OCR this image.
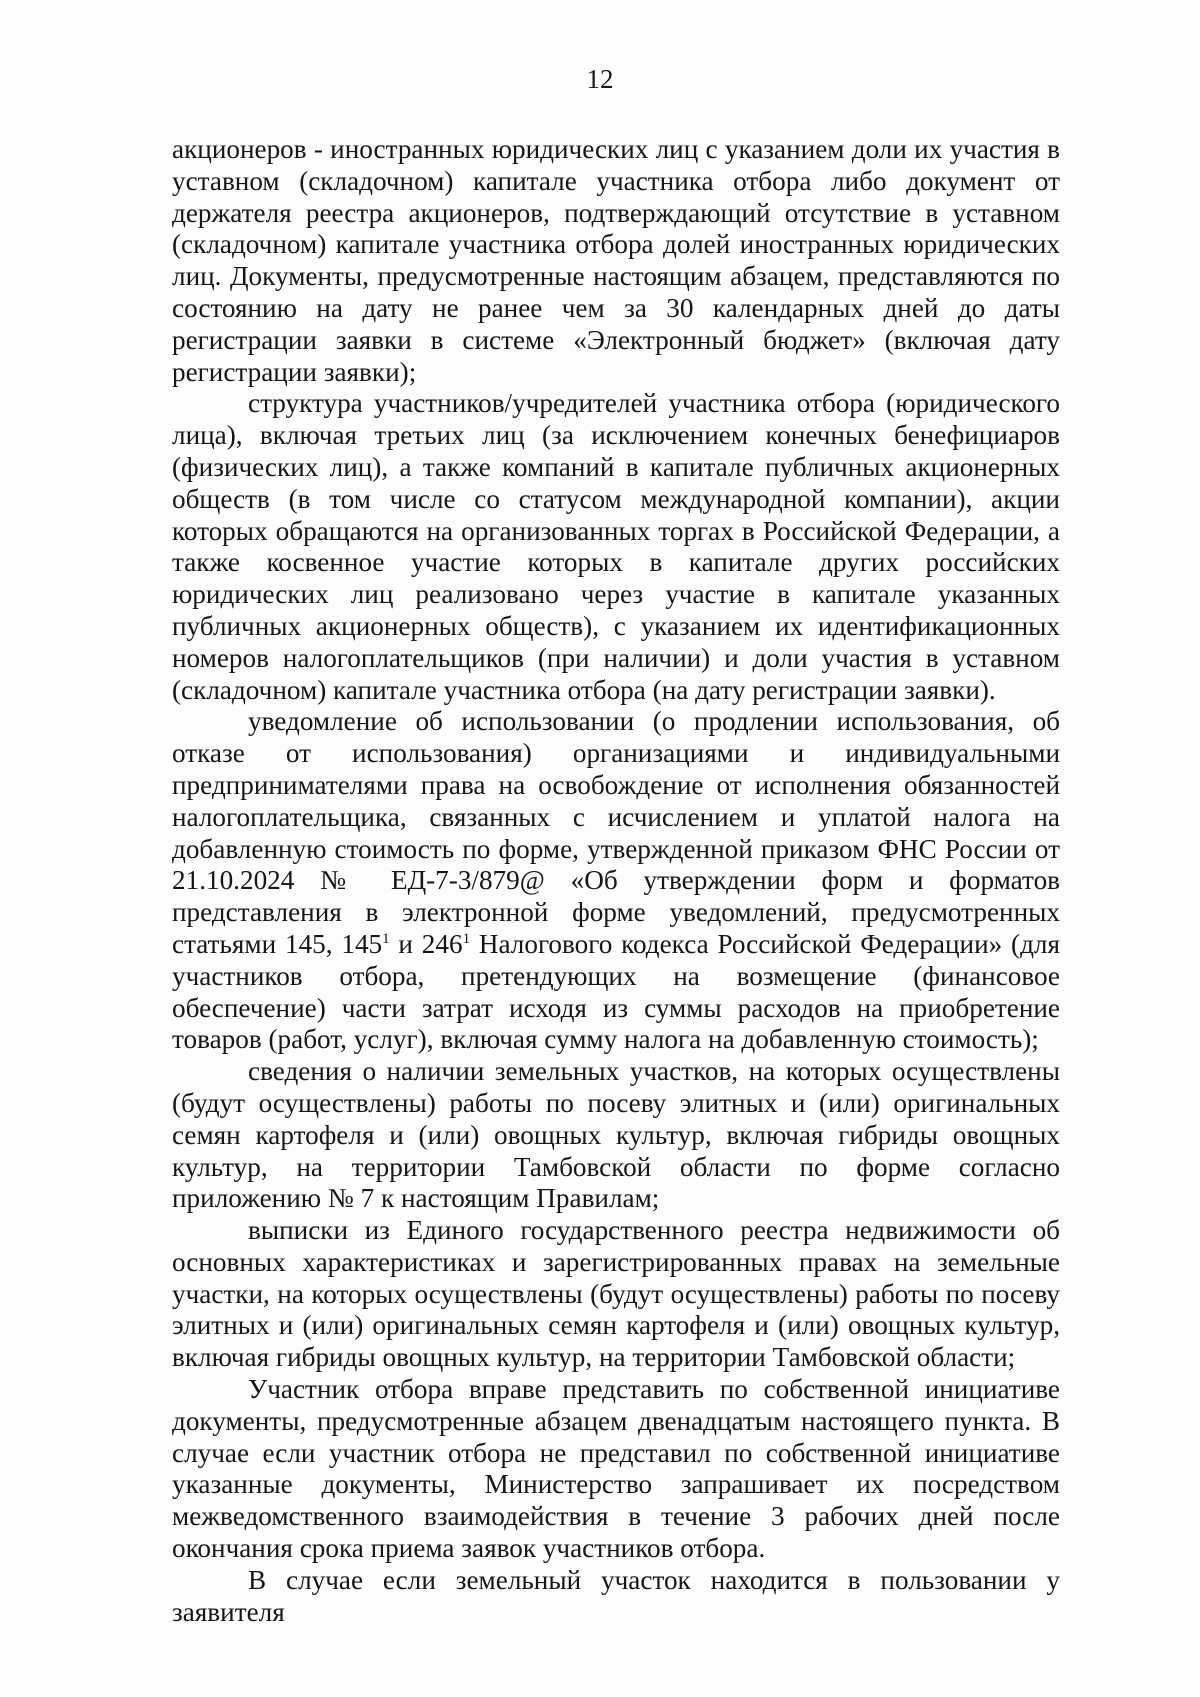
12

акционеров - иностранных юридических лиц с указанием доли их участия в уставном (складочном) капитале участника отбора либо документ от держателя реестра акционеров, подтверждающий отсутствие в уставном (складочном) капитале участника отбора долей иностранных юридических лиц. Документы, предусмотренные настоящим абзацем, представляются по состоянию на дату не ранее чем за 30 календарных дней до даты регистрации заявки в системе «Электронный бюджет» (включая дату регистрации заявки);

структура участников/учредителей участника отбора (юридического лица), включая третьих лиц (за исключением конечных бенефициаров (физических лиц), а также компаний в капитале публичных акционерных обществ (в том числе со статусом международной компании), акции которых обращаются на организованных торгах в Российской Федерации, а также косвенное участие которых в капитале других российских юридических лиц реализовано через участие в капитале указанных публичных акционерных обществ), с указанием их идентификационных номеров налогоплательщиков (при наличии) и доли участия в уставном (складочном) капитале участника отбора (на дату регистрации заявки).

уведомление об использовании (о продлении использования, об отказе от использования) организациями и индивидуальными предпринимателями права на освобождение от исполнения обязанностей налогоплательщика, связанных с исчислением и уплатой налога на добавленную стоимость по форме, утвержденной приказом ФНС России от 21.10.2024 № ЕД-7-3/879@ «Об утверждении форм и форматов представления в электронной форме уведомлений, предусмотренных статьями 145, $145^1$ и $246^1$ Налогового кодекса Российской Федерации» (для участников отбора, претендующих на возмещение (финансовое обеспечение) части затрат исходя из суммы расходов на приобретение товаров (работ, услуг), включая сумму налога на добавленную стоимость);

сведения о наличии земельных участков, на которых осуществлены (будут осуществлены) работы по посеву элитных и (или) оригинальных семян картофеля и (или) овощных культур, включая гибриды овощных культур, на территории Тамбовской области по форме согласно приложению № 7 к настоящим Правилам;

выписки из Единого государственного реестра недвижимости об основных характеристиках и зарегистрированных правах на земельные участки, на которых осуществлены (будут осуществлены) работы по посеву элитных и (или) оригинальных семян картофеля и (или) овощных культур, включая гибриды овощных культур, на территории Тамбовской области;

Участник отбора вправе представить по собственной инициативе документы, предусмотренные абзацем двенадцатым настоящего пункта. В случае если участник отбора не представил по собственной инициативе указанные документы, Министерство запрашивает их посредством межведомственного взаимодействия в течение 3 рабочих дней после окончания срока приема заявок участников отбора.

В случае если земельный участок находится в пользовании у заявителя
